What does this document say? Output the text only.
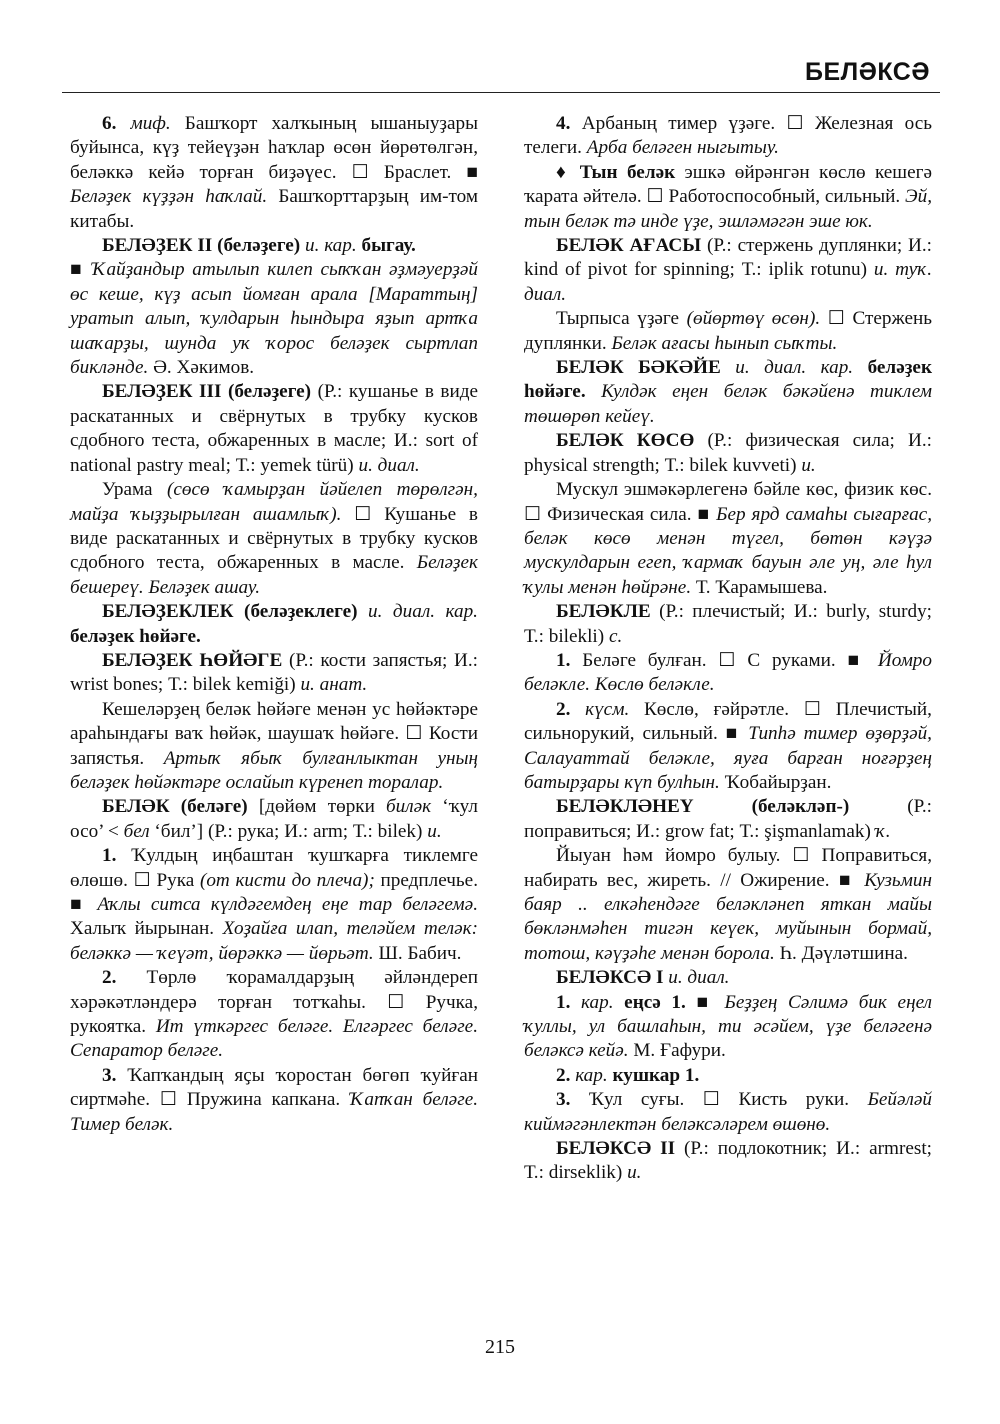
БЕЛӘКСӘ

6. миф. Башҡорт халҡының ышаныуҙары буйынса, күҙ тейеүҙән һаҡлар өсөн йөрөтөлгән, беләккә кейә торған биҙәүес. ☐ Браслет. ■ Беләҙек күҙҙән һаҡлай. Башҡорттарҙың им-том китабы.

БЕЛӘҘЕК II (беләҙеге) и. кар. быгау.

■ Ҡайҙандыр атылып килеп сыҡҡан әҙмәуерҙәй өс кеше, күҙ асып йомған арала [Мараттың] уратып алып, ҡулдарын һындыра яҙып артҡа шаҡарҙы, шунда уҡ ҡорос беләҙек сыртлап бикләнде. Ә. Хәкимов.

БЕЛӘҘЕК III (беләҙеге) (Р.: кушанье в виде раскатанных и свёрнутых в трубку кусков сдобного теста, обжаренных в масле; И.: sort of national pastry meal; Т.: yemek türü) и. диал.

Урама (сөсө ҡамырҙан йәйелеп төрөлгән, майҙа ҡыҙҙырылған ашамлыҡ). ☐ Кушанье в виде раскатанных и свёрнутых в трубку кусков сдобного теста, обжаренных в масле. Беләҙек бешереү. Беләҙек ашау.

БЕЛӘҘЕКЛЕК (беләҙеклеге) и. диал. кар. беләҙек һөйәге.

БЕЛӘҘЕК ҺӨЙӘГЕ (Р.: кости запястья; И.: wrist bones; Т.: bilek kemiği) и. анат.

Кешеләрҙең беләк һөйәге менән ус һөйәктәре араһындағы ваҡ һөйәк, шаушаҡ һөйәге. ☐ Кости запястья. Артыҡ ябыҡ булғанлыктан уның беләҙек һөйәктәре ослайып күренеп торалар.

БЕЛӘК (беләге) [дөйөм төрки биләк ‘ҡул осо’ < бел ‘бил’] (Р.: рука; И.: arm; Т.: bilek) и.

1. Ҡулдың иңбаштан ҡушҡарға тиклемге өлөшө. ☐ Рука (от кисти до плеча); предплечье. ■ Аҡлы ситса күлдәгемдең еңе тар беләгемә. Халыҡ йырынан. Хоҙайға илап, теләйем теләк: беләккә — ҡеүәт, йөрәккә — йөрьәт. Ш. Бабич.

2. Төрлө ҡорамалдарҙың әйләндереп хәрәкәтләндерә торған тотҡаһы. ☐ Ручка, рукоятка. Ит үткәргес беләге. Елгәргес беләге. Сепаратор беләге.

3. Ҡапҡандың яҫы ҡоростан бөгөп ҡуйған сиртмәһе. ☐ Пружина капкана. Ҡапҡан беләге. Тимер беләк.

4. Арбаның тимер үҙәге. ☐ Железная ось телеги. Арба беләген ныгытыу.

♦ Тын беләк эшкә өйрәнгән көслө кешегә ҡарата әйтелә. ☐ Работоспособный, сильный. Эй, тын беләк тә инде үҙе, эшләмәгән эше юк.

БЕЛӘК АҒАСЫ (Р.: стержень дуплянки; И.: kind of pivot for spinning; Т.: iplik rotunu) и. туҡ. диал.

Тырпыса үҙәге (өйөртөү өсөн). ☐ Стержень дуплянки. Беләк ағасы һынып сыҡты.

БЕЛӘК БӘКӘЙЕ и. диал. кар. беләҙек һөйәге. Кулдәк еңен беләк бәкәйенә тиклем төшөрөп кейеү.

БЕЛӘК КӨСӨ (Р.: физическая сила; И.: physical strength; Т.: bilek kuvveti) и.

Мускул эшмәкәрлегенә бәйле көс, физик көс. ☐ Физическая сила. ■ Бер ярд самаһы сығарғас, беләк көсө менән түгел, бөтөн кәүҙә мускулдарын егеп, ҡармаҡ бауын әле уң, әле һул ҡулы менән һөйрәне. Т. Ҡарамышева.

БЕЛӘКЛЕ (Р.: плечистый; И.: burly, sturdy; Т.: bilekli) с.

1. Беләге булған. ☐ С руками. ■ Йомро беләкле. Көслө беләкле.

2. күсм. Көслө, ғәйрәтле. ☐ Плечистый, сильнорукий, сильный. ■ Типһә тимер өҙөрҙәй, Салауаттай беләкле, яуға барған ноғәрҙең батырҙары күп булһын. Ҡобайырҙан.

БЕЛӘКЛӘНЕҮ (беләкләп-) (Р.: поправиться; И.: grow fat; Т.: şişmanlamak) ҡ.

Йыуан һәм йомро булыу. ☐ Поправиться, набирать вес, жиреть. // Ожирение. ■ Кузьмин баяр .. елкәһендәге беләкләнеп яткан майы бөкләнмәһен тигән кеүек, муйынын бормай, тотош, кәүҙәһе менән борола. Һ. Дәүләтшина.

БЕЛӘКСӘ I и. диал.

1. кар. еңсә 1. ■ Беҙҙең Сәлимә бик еңел ҡуллы, ул башлаһын, ти әсәйем, үҙе беләгенә беләксә кейә. М. Ғафури.

2. кар. кушкар 1.

3. Ҡул суғы. ☐ Кисть руки. Бейәләй киймәгәнлектән беләксәләрем өшөнө.

БЕЛӘКСӘ II (Р.: подлокотник; И.: armrest; Т.: dirseklik) и.

215
